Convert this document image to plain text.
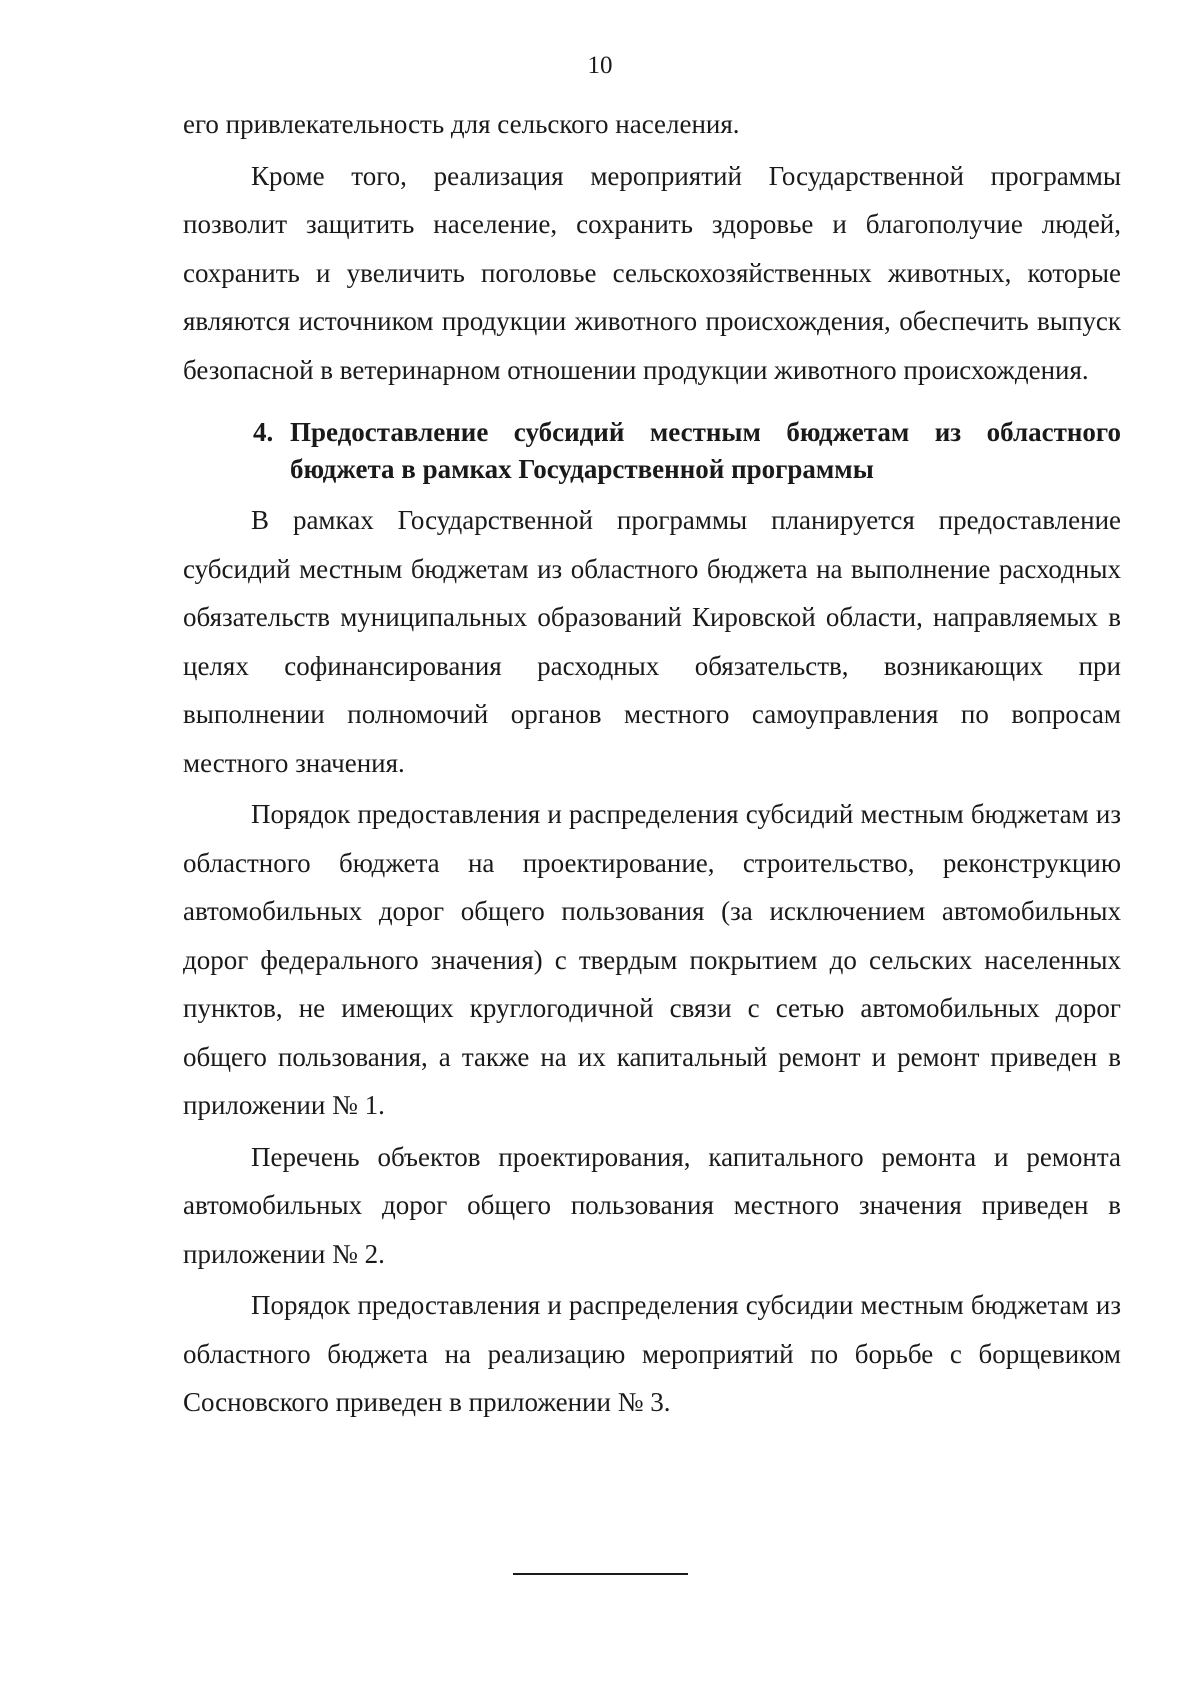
10

его привлекательность для сельского населения.

Кроме того, реализация мероприятий Государственной программы позволит защитить население, сохранить здоровье и благополучие людей, сохранить и увеличить поголовье сельскохозяйственных животных, которые являются источником продукции животного происхождения, обеспечить выпуск безопасной в ветеринарном отношении продукции животного происхождения.

4. Предоставление субсидий местным бюджетам из областного бюджета в рамках Государственной программы

В рамках Государственной программы планируется предоставление субсидий местным бюджетам из областного бюджета на выполнение расходных обязательств муниципальных образований Кировской области, направляемых в целях софинансирования расходных обязательств, возникающих при выполнении полномочий органов местного самоуправления по вопросам местного значения.

Порядок предоставления и распределения субсидий местным бюджетам из областного бюджета на проектирование, строительство, реконструкцию автомобильных дорог общего пользования (за исключением автомобильных дорог федерального значения) с твердым покрытием до сельских населенных пунктов, не имеющих круглогодичной связи с сетью автомобильных дорог общего пользования, а также на их капитальный ремонт и ремонт приведен в приложении № 1.

Перечень объектов проектирования, капитального ремонта и ремонта автомобильных дорог общего пользования местного значения приведен в приложении № 2.

Порядок предоставления и распределения субсидии местным бюджетам из областного бюджета на реализацию мероприятий по борьбе с борщевиком Сосновского приведен в приложении № 3.
